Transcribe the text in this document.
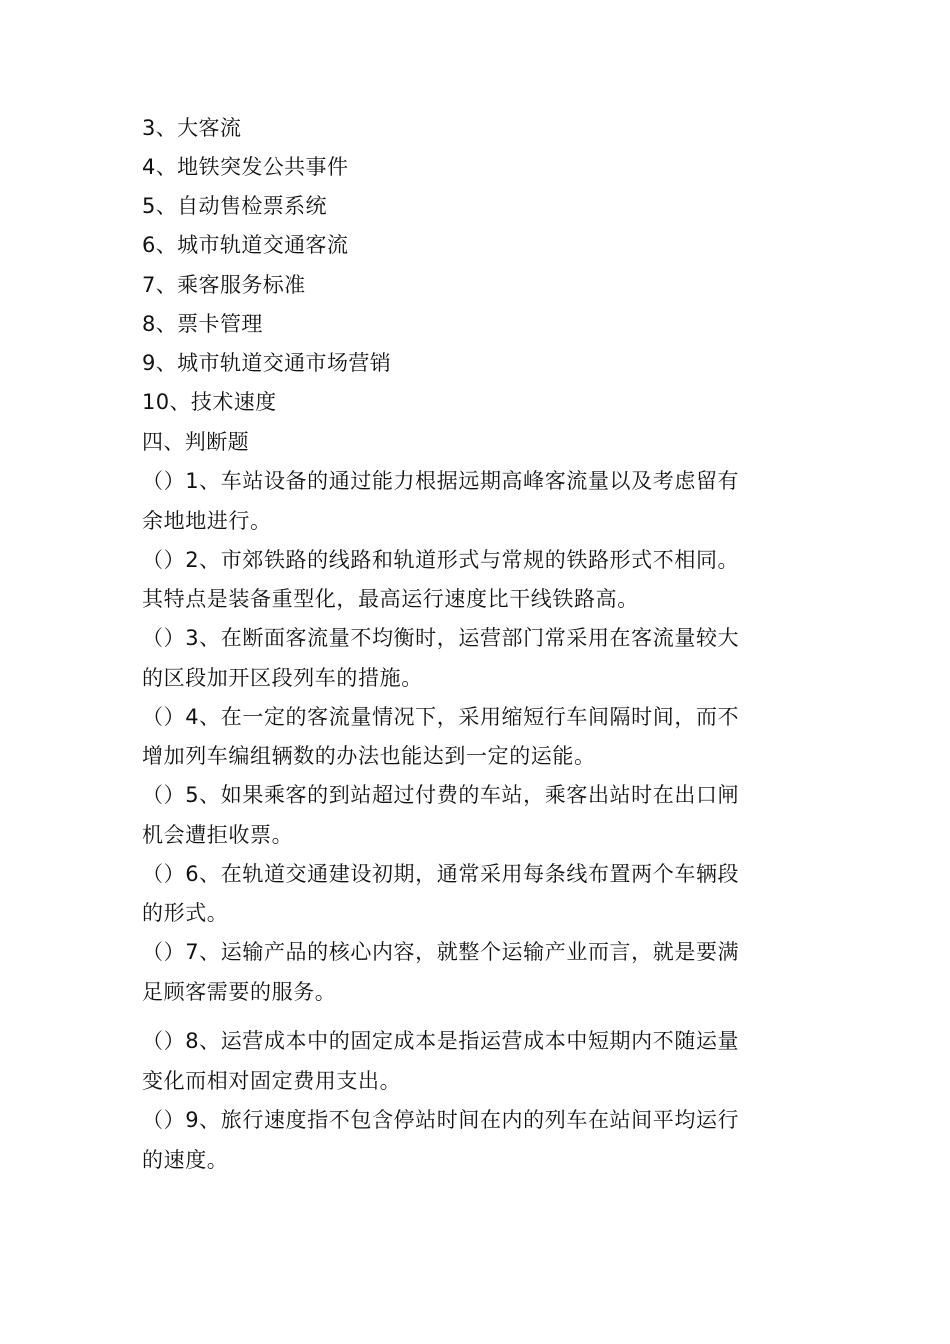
3、大客流
4、地铁突发公共事件
5、自动售检票系统
6、城市轨道交通客流
7、乘客服务标准
8、票卡管理
9、城市轨道交通市场营销
10、技术速度
四、判断题
（）1、车站设备的通过能力根据远期高峰客流量以及考虑留有
余地地进行。
（）2、市郊铁路的线路和轨道形式与常规的铁路形式不相同。
其特点是装备重型化，最高运行速度比干线铁路高。
（）3、在断面客流量不均衡时，运营部门常采用在客流量较大
的区段加开区段列车的措施。
（）4、在一定的客流量情况下，采用缩短行车间隔时间，而不
增加列车编组辆数的办法也能达到一定的运能。
（）5、如果乘客的到站超过付费的车站，乘客出站时在出口闸
机会遭拒收票。
（）6、在轨道交通建设初期，通常采用每条线布置两个车辆段
的形式。
（）7、运输产品的核心内容，就整个运输产业而言，就是要满
足顾客需要的服务。
（）8、运营成本中的固定成本是指运营成本中短期内不随运量
变化而相对固定费用支出。
（）9、旅行速度指不包含停站时间在内的列车在站间平均运行
的速度。
